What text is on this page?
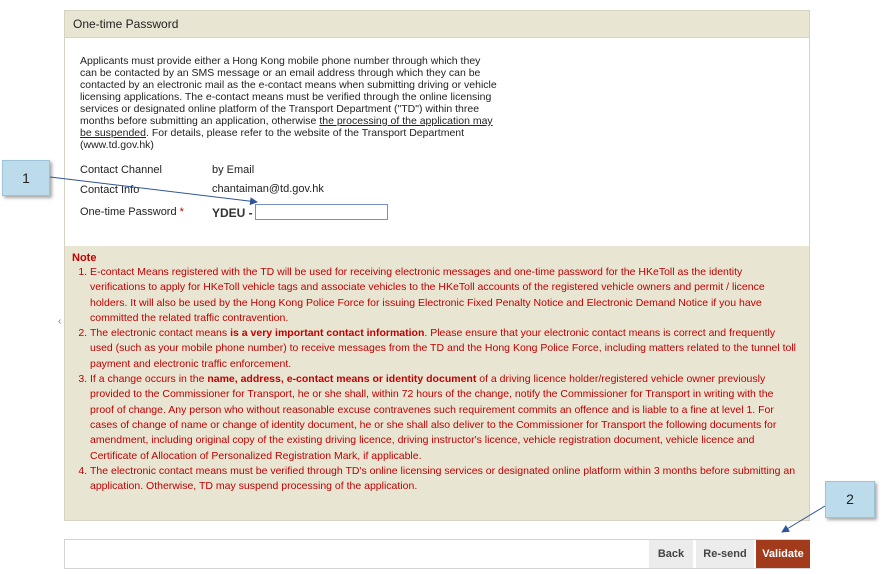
One-time Password
Applicants must provide either a Hong Kong mobile phone number through which they can be contacted by an SMS message or an email address through which they can be contacted by an electronic mail as the e-contact means when submitting driving or vehicle licensing applications. The e-contact means must be verified through the online licensing services or designated online platform of the Transport Department ("TD") within three months before submitting an application, otherwise the processing of the application may be suspended. For details, please refer to the website of the Transport Department (www.td.gov.hk)
Contact Channel	by Email
Contact Info	chantaiman@td.gov.hk
One-time Password * YDEU -
Note
1. E-contact Means registered with the TD will be used for receiving electronic messages and one-time password for the HKeToll as the identity verifications to apply for HKeToll vehicle tags and associate vehicles to the HKeToll accounts of the registered vehicle owners and permit / licence holders. It will also be used by the Hong Kong Police Force for issuing Electronic Fixed Penalty Notice and Electronic Demand Notice if you have committed the related traffic contravention.
2. The electronic contact means is a very important contact information. Please ensure that your electronic contact means is correct and frequently used (such as your mobile phone number) to receive messages from the TD and the Hong Kong Police Force, including matters related to the tunnel toll payment and electronic traffic enforcement.
3. If a change occurs in the name, address, e-contact means or identity document of a driving licence holder/registered vehicle owner previously provided to the Commissioner for Transport, he or she shall, within 72 hours of the change, notify the Commissioner for Transport in writing with the proof of change. Any person who without reasonable excuse contravenes such requirement commits an offence and is liable to a fine at level 1. For cases of change of name or change of identity document, he or she shall also deliver to the Commissioner for Transport the following documents for amendment, including original copy of the existing driving licence, driving instructor's licence, vehicle registration document, vehicle licence and Certificate of Allocation of Personalized Registration Mark, if applicable.
4. The electronic contact means must be verified through TD's online licensing services or designated online platform within 3 months before submitting an application. Otherwise, TD may suspend processing of the application.
‹
Back	Re-send	Validate
1
2
